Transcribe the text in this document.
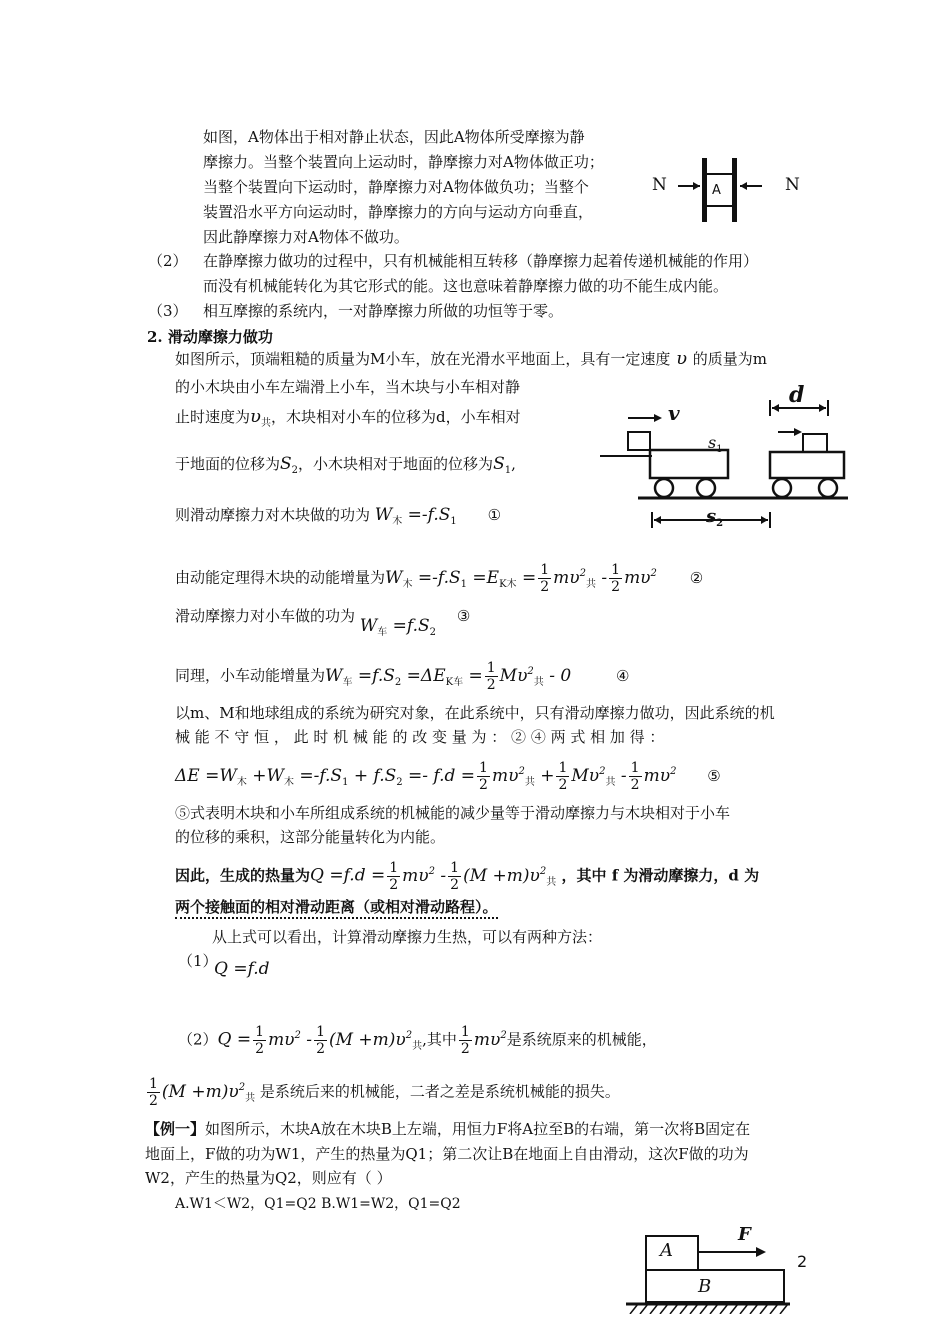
如图，A物体出于相对静止状态，因此A物体所受摩擦为静
摩擦力。当整个装置向上运动时，静摩擦力对A物体做正功；
当整个装置向下运动时，静摩擦力对A物体做负功；当整个
装置沿水平方向运动时，静摩擦力的方向与运动方向垂直，
因此静摩擦力对A物体不做功。
N	N
A
（2） 在静摩擦力做功的过程中，只有机械能相互转移（静摩擦力起着传递机械能的作用）
而没有机械能转化为其它形式的能。这也意味着静摩擦力做的功不能生成内能。
（3） 相互摩擦的系统内，一对静摩擦力所做的功恒等于零。
2. 滑动摩擦力做功
如图所示，顶端粗糙的质量为M小车，放在光滑水平地面上，具有一定速度 υ 的质量为m
的小木块由小车左端滑上小车，当木块与小车相对静
止时速度为$\upsilon_共$，木块相对小车的位移为d，小车相对
于地面的位移为$S_2$，小木块相对于地面的位移为$S_1$,
v
$s_1$
d
$s_2$
则滑动摩擦力对木块做的功为 $W_木 =-f.S_1$ ①
由动能定理得木块的动能增量为$W_木 =-f.S_1 =E_{K木} = \frac{1}{2} m\upsilon^2_共 - \frac{1}{2} m\upsilon^2$ ②
滑动摩擦力对小车做的功为 $W_车 =f.S_2$ ③
同理，小车动能增量为$W_车 =f.S_2 =\Delta E_{K车} = \frac{1}{2} M\upsilon^2_共 - 0$	④
以m、M和地球组成的系统为研究对象，在此系统中，只有滑动摩擦力做功，因此系统的机
械 能 不 守 恒 ， 此 时 机 械 能 的 改 变 量 为 ： ② ④ 两 式 相 加 得 ：
$\Delta E =W_木 +W_木 =-f.S_1 + f.S_2 =- f.d = \frac{1}{2} m\upsilon^2_共 + \frac{1}{2} M\upsilon^2_共 - \frac{1}{2} m\upsilon^2$ ⑤
⑤式表明木块和小车所组成系统的机械能的减少量等于滑动摩擦力与木块相对于小车
的位移的乘积，这部分能量转化为内能。
因此，生成的热量为$Q =f.d = \frac{1}{2} m\upsilon^2 - \frac{1}{2} (M +m)\upsilon^2_共$ ，其中 f 为滑动摩擦力，d 为
两个接触面的相对滑动距离（或相对滑动路程）。
从上式可以看出，计算滑动摩擦力生热，可以有两种方法：
（1）
Q =f.d
$(2)Q = \frac{1}{2} m\upsilon^2 - \frac{1}{2} (M +m)\upsilon^2_共$,其中 $\frac{1}{2} m\upsilon^2$是系统原来的机械能，
$\frac{1}{2} (M +m)\upsilon^2_共$ 是系统后来的机械能，二者之差是系统机械能的损失。
【例一】如图所示，木块A放在木块B上左端，用恒力F将A拉至B的右端，第一次将B固定在
地面上，F做的功为W1，产生的热量为Q1；第二次让B在地面上自由滑动，这次F做的功为
W2，产生的热量为Q2，则应有（ ）
A.W1＜W2，Q1=Q2 B.W1=W2，Q1=Q2
A
B
F
2
